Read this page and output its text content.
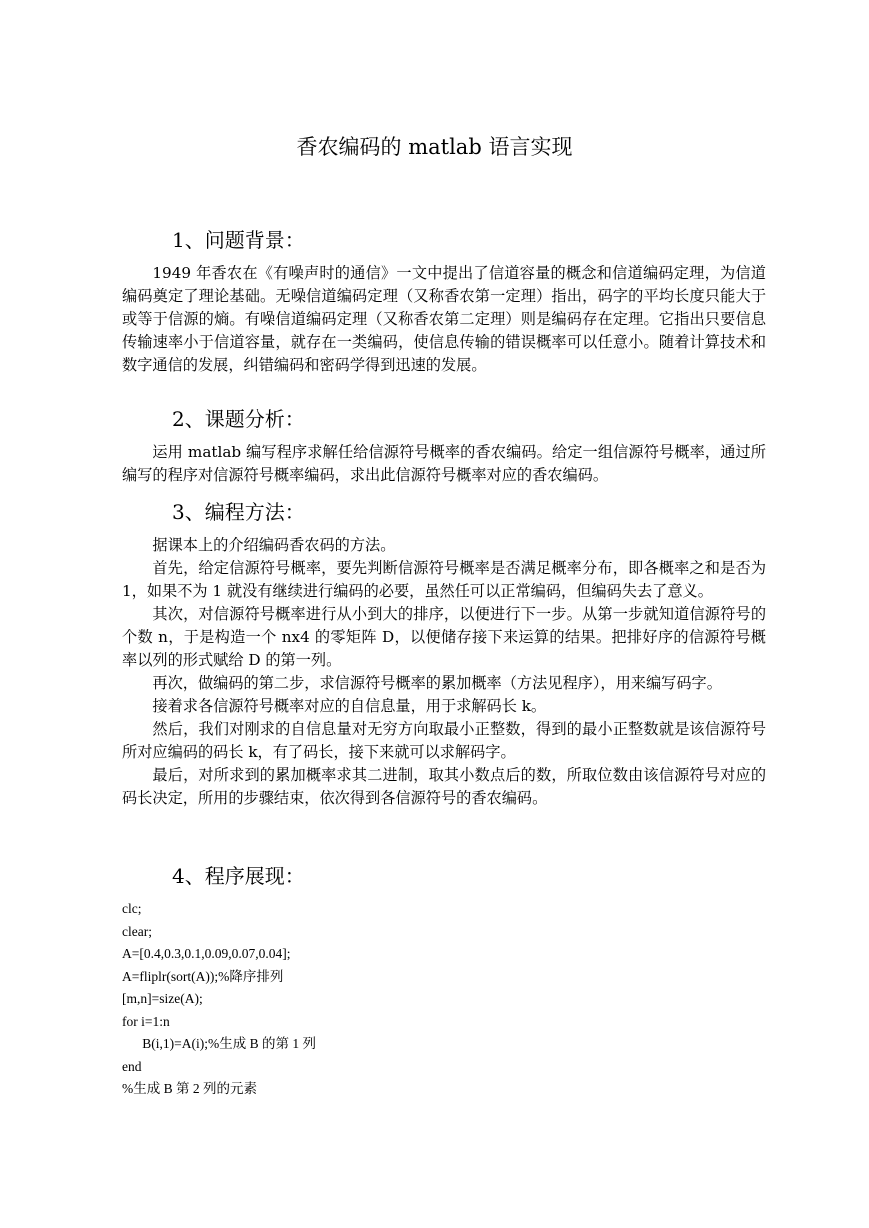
香农编码的 matlab 语言实现
1、问题背景：

1949 年香农在《有噪声时的通信》一文中提出了信道容量的概念和信道编码定理，为信道编码奠定了理论基础。无噪信道编码定理（又称香农第一定理）指出，码字的平均长度只能大于或等于信源的熵。有噪信道编码定理（又称香农第二定理）则是编码存在定理。它指出只要信息传输速率小于信道容量，就存在一类编码，使信息传输的错误概率可以任意小。随着计算技术和数字通信的发展，纠错编码和密码学得到迅速的发展。

2、课题分析：

运用 matlab 编写程序求解任给信源符号概率的香农编码。给定一组信源符号概率，通过所编写的程序对信源符号概率编码，求出此信源符号概率对应的香农编码。

3、编程方法：

据课本上的介绍编码香农码的方法。

首先，给定信源符号概率，要先判断信源符号概率是否满足概率分布，即各概率之和是否为 1，如果不为 1 就没有继续进行编码的必要，虽然任可以正常编码，但编码失去了意义。

其次，对信源符号概率进行从小到大的排序，以便进行下一步。从第一步就知道信源符号的个数 n，于是构造一个 nx4 的零矩阵 D，以便储存接下来运算的结果。把排好序的信源符号概率以列的形式赋给 D 的第一列。

再次，做编码的第二步，求信源符号概率的累加概率（方法见程序），用来编写码字。

接着求各信源符号概率对应的自信息量，用于求解码长 k。

然后，我们对刚求的自信息量对无穷方向取最小正整数，得到的最小正整数就是该信源符号所对应编码的码长 k，有了码长，接下来就可以求解码字。

最后，对所求到的累加概率求其二进制，取其小数点后的数，所取位数由该信源符号对应的码长决定，所用的步骤结束，依次得到各信源符号的香农编码。

4、程序展现：
clc;
clear;
A=[0.4,0.3,0.1,0.09,0.07,0.04];
A=fliplr(sort(A));%降序排列
[m,n]=size(A);
for i=1:n
B(i,1)=A(i);%生成 B 的第 1 列
end
%生成 B 第 2 列的元素
